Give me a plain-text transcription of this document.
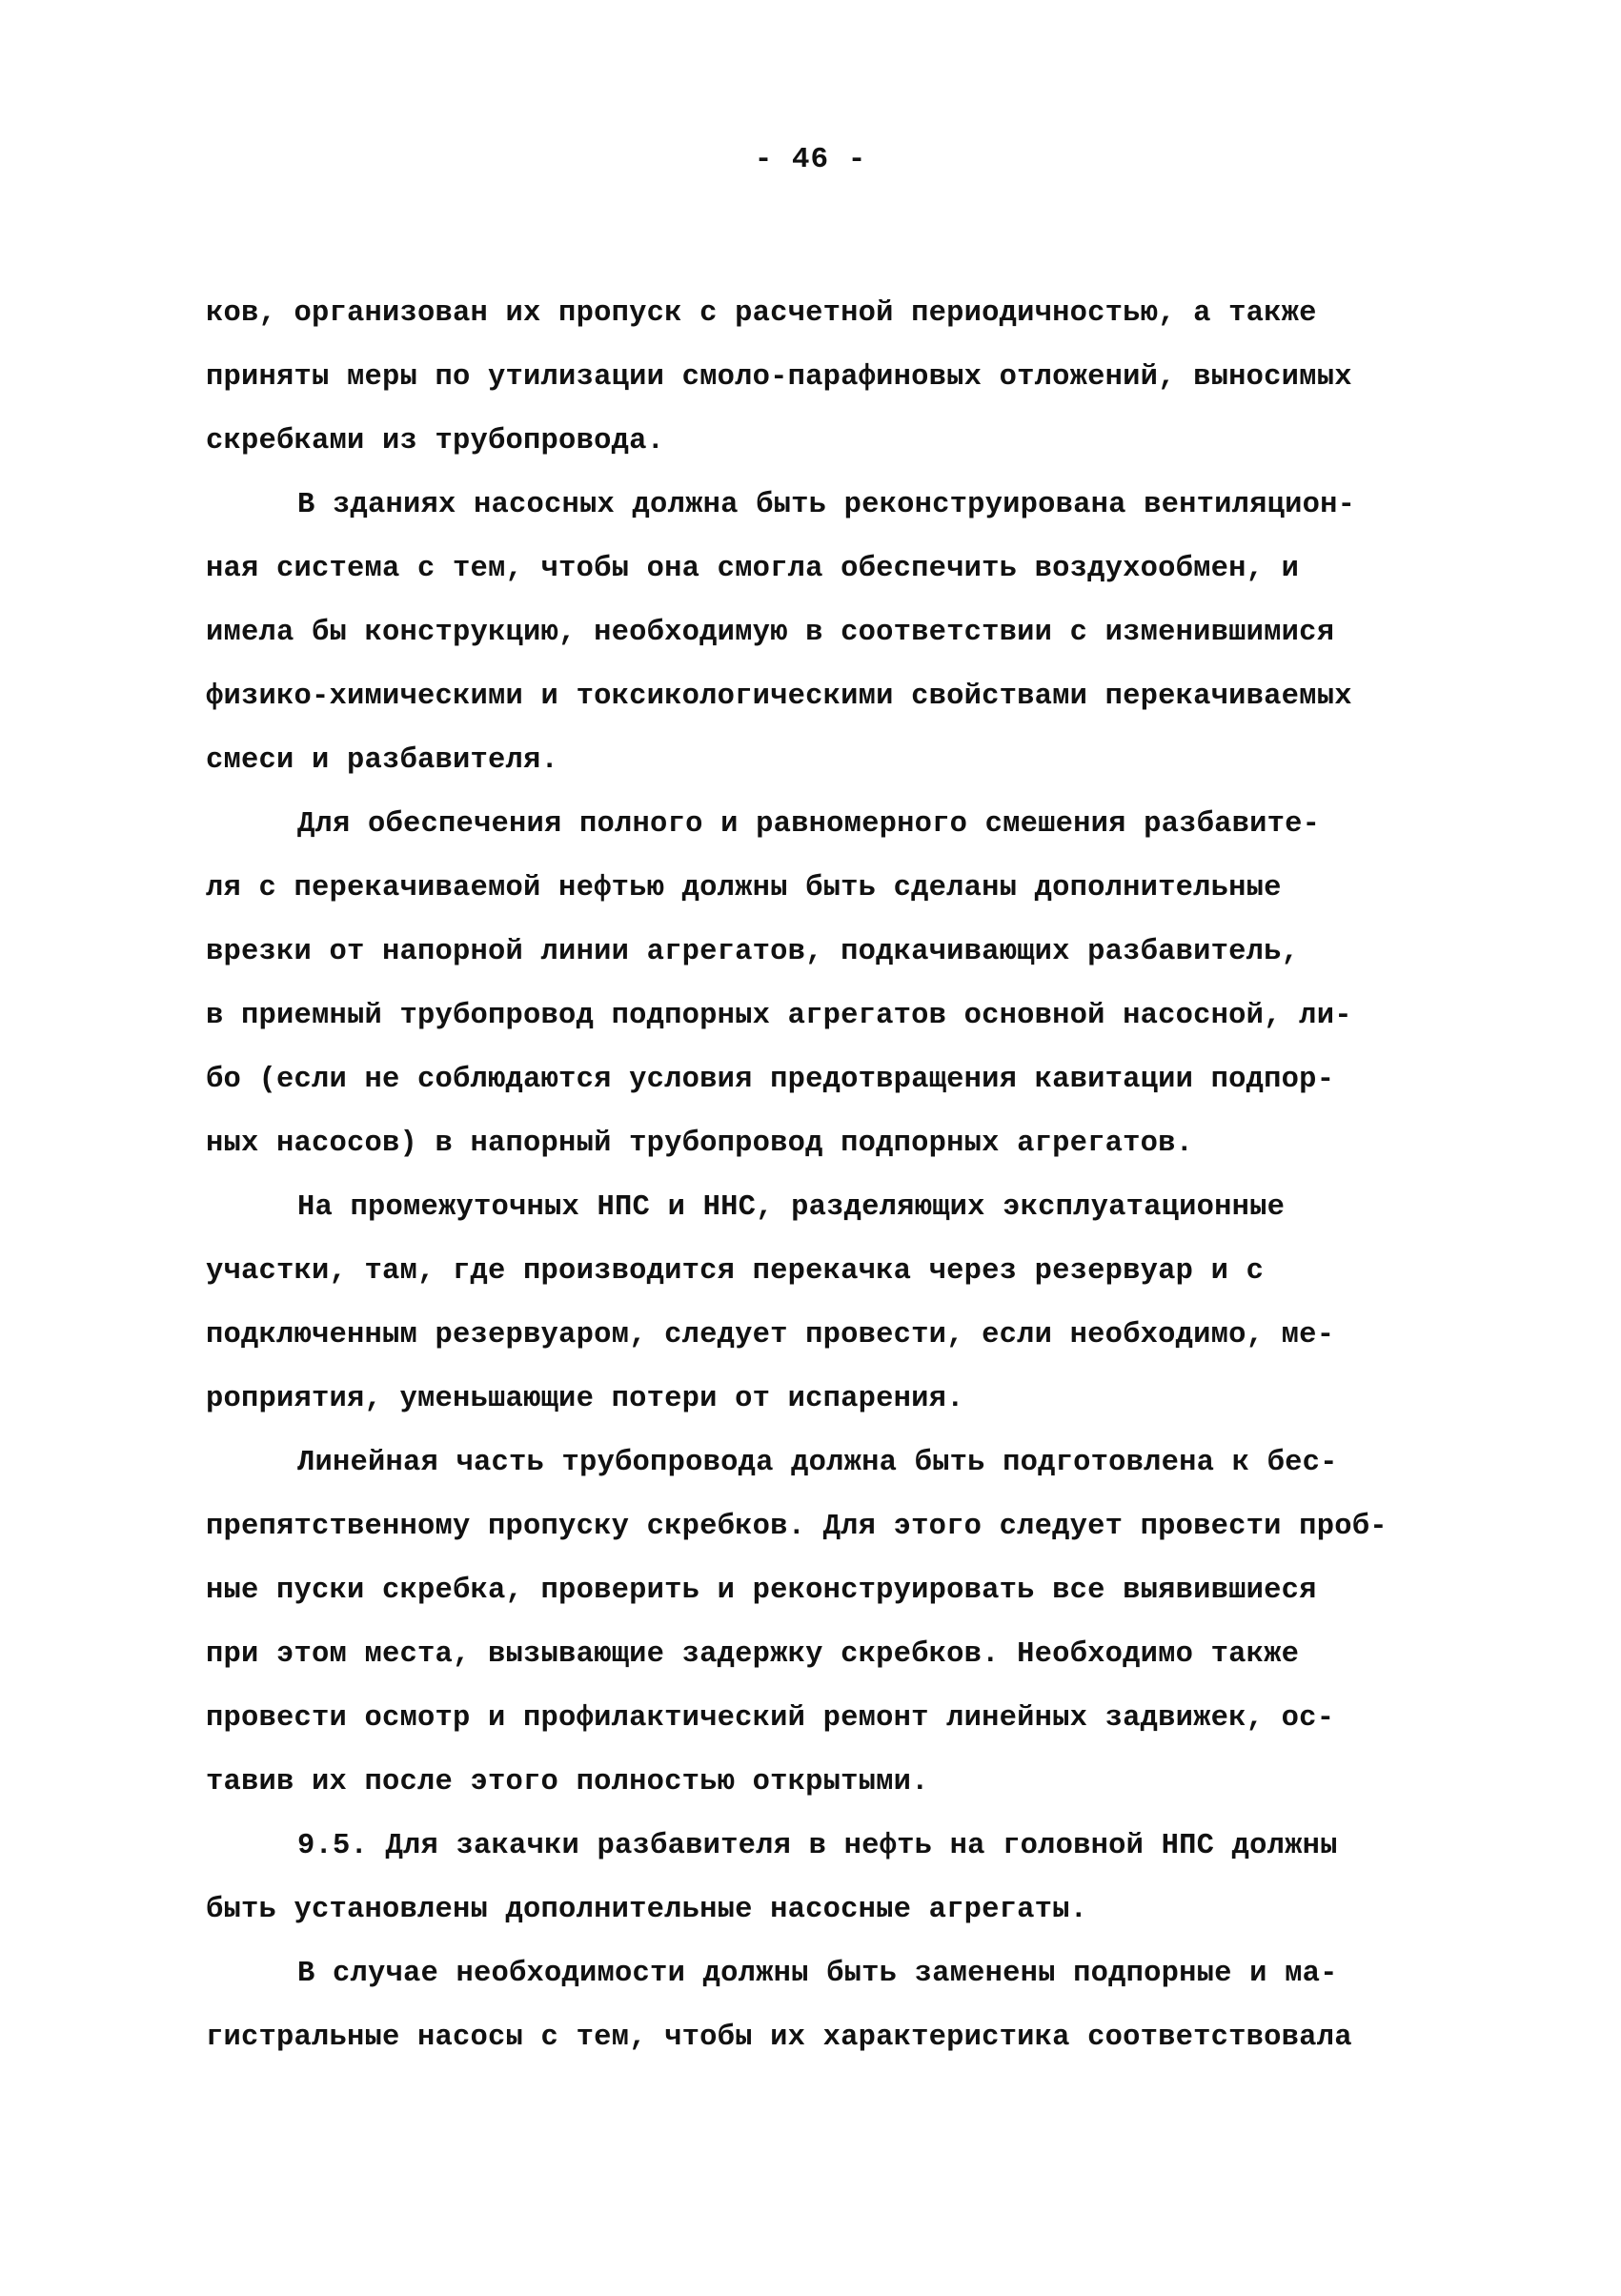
- 46 -

ков, организован их пропуск с расчетной периодичностью, а также
приняты меры по утилизации смоло-парафиновых отложений, выносимых
скребками из трубопровода.

В зданиях насосных должна быть реконструирована вентиляцион-
ная система с тем, чтобы она смогла обеспечить воздухообмен, и
имела бы конструкцию, необходимую в соответствии с изменившимися
физико-химическими и токсикологическими свойствами перекачиваемых
смеси и разбавителя.

Для обеспечения полного и равномерного смешения разбавите-
ля с перекачиваемой нефтью должны быть сделаны дополнительные
врезки от напорной линии агрегатов, подкачивающих разбавитель,
в приемный трубопровод подпорных агрегатов основной насосной, ли-
бо (если не соблюдаются условия предотвращения кавитации подпор-
ных насосов) в напорный трубопровод подпорных агрегатов.

На промежуточных НПС и ННС, разделяющих эксплуатационные
участки, там, где производится перекачка через резервуар и с
подключенным резервуаром, следует провести, если необходимо, ме-
роприятия, уменьшающие потери от испарения.

Линейная часть трубопровода должна быть подготовлена к бес-
препятственному пропуску скребков. Для этого следует провести проб-
ные пуски скребка, проверить и реконструировать все выявившиеся
при этом места, вызывающие задержку скребков. Необходимо также
провести осмотр и профилактический ремонт линейных задвижек, ос-
тавив их после этого полностью открытыми.

9.5. Для закачки разбавителя в нефть на головной НПС должны
быть установлены дополнительные насосные агрегаты.

В случае необходимости должны быть заменены подпорные и ма-
гистральные насосы с тем, чтобы их характеристика соответствовала
